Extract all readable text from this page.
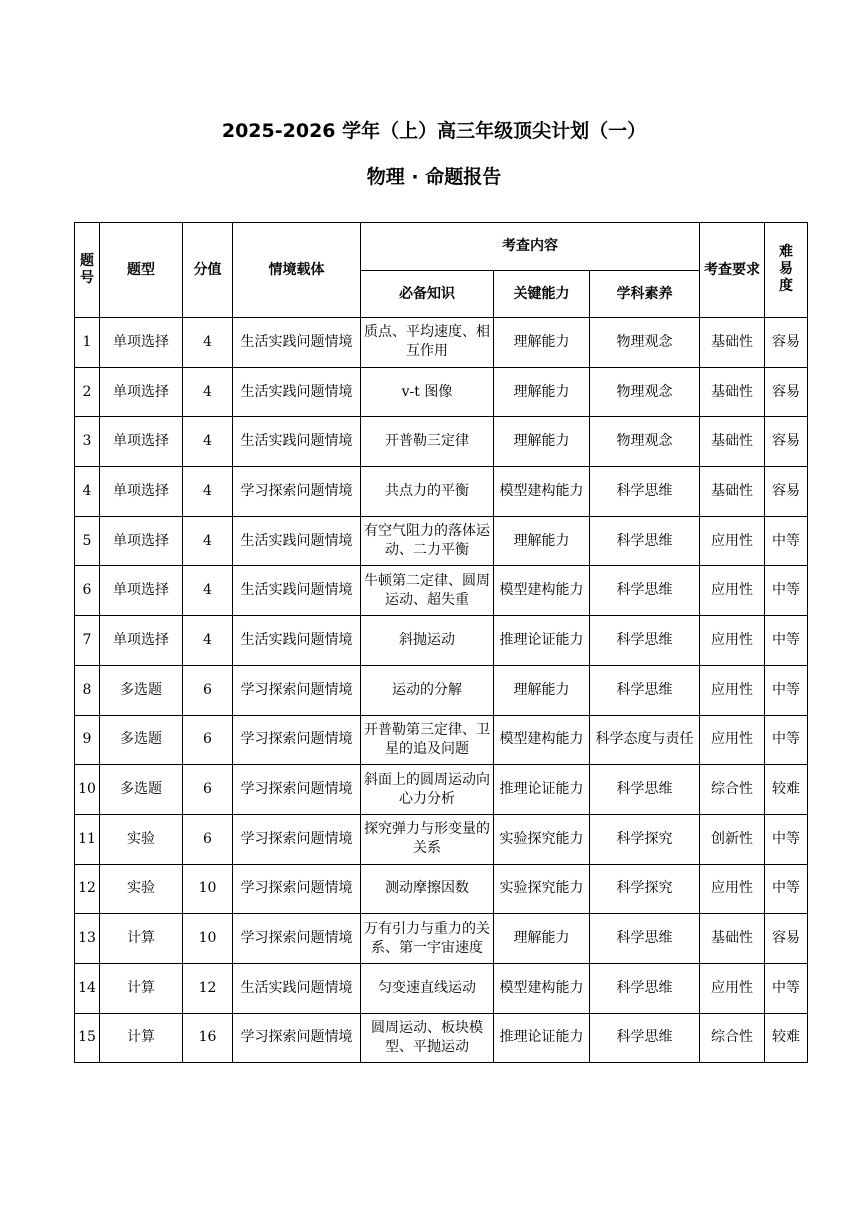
2025-2026 学年（上）高三年级顶尖计划（一）
物理 · 命题报告
题号	题型	分值	情境载体	考查内容			考查要求	难易度
				必备知识	关键能力	学科素养		
1	单项选择	4	生活实践问题情境	质点、平均速度、相互作用	理解能力	物理观念	基础性	容易
2	单项选择	4	生活实践问题情境	v-t 图像	理解能力	物理观念	基础性	容易
3	单项选择	4	生活实践问题情境	开普勒三定律	理解能力	物理观念	基础性	容易
4	单项选择	4	学习探索问题情境	共点力的平衡	模型建构能力	科学思维	基础性	容易
5	单项选择	4	生活实践问题情境	有空气阻力的落体运动、二力平衡	理解能力	科学思维	应用性	中等
6	单项选择	4	生活实践问题情境	牛顿第二定律、圆周运动、超失重	模型建构能力	科学思维	应用性	中等
7	单项选择	4	生活实践问题情境	斜抛运动	推理论证能力	科学思维	应用性	中等
8	多选题	6	学习探索问题情境	运动的分解	理解能力	科学思维	应用性	中等
9	多选题	6	学习探索问题情境	开普勒第三定律、卫星的追及问题	模型建构能力	科学态度与责任	应用性	中等
10	多选题	6	学习探索问题情境	斜面上的圆周运动向心力分析	推理论证能力	科学思维	综合性	较难
11	实验	6	学习探索问题情境	探究弹力与形变量的关系	实验探究能力	科学探究	创新性	中等
12	实验	10	学习探索问题情境	测动摩擦因数	实验探究能力	科学探究	应用性	中等
13	计算	10	学习探索问题情境	万有引力与重力的关系、第一宇宙速度	理解能力	科学思维	基础性	容易
14	计算	12	生活实践问题情境	匀变速直线运动	模型建构能力	科学思维	应用性	中等
15	计算	16	学习探索问题情境	圆周运动、板块模型、平抛运动	推理论证能力	科学思维	综合性	较难
